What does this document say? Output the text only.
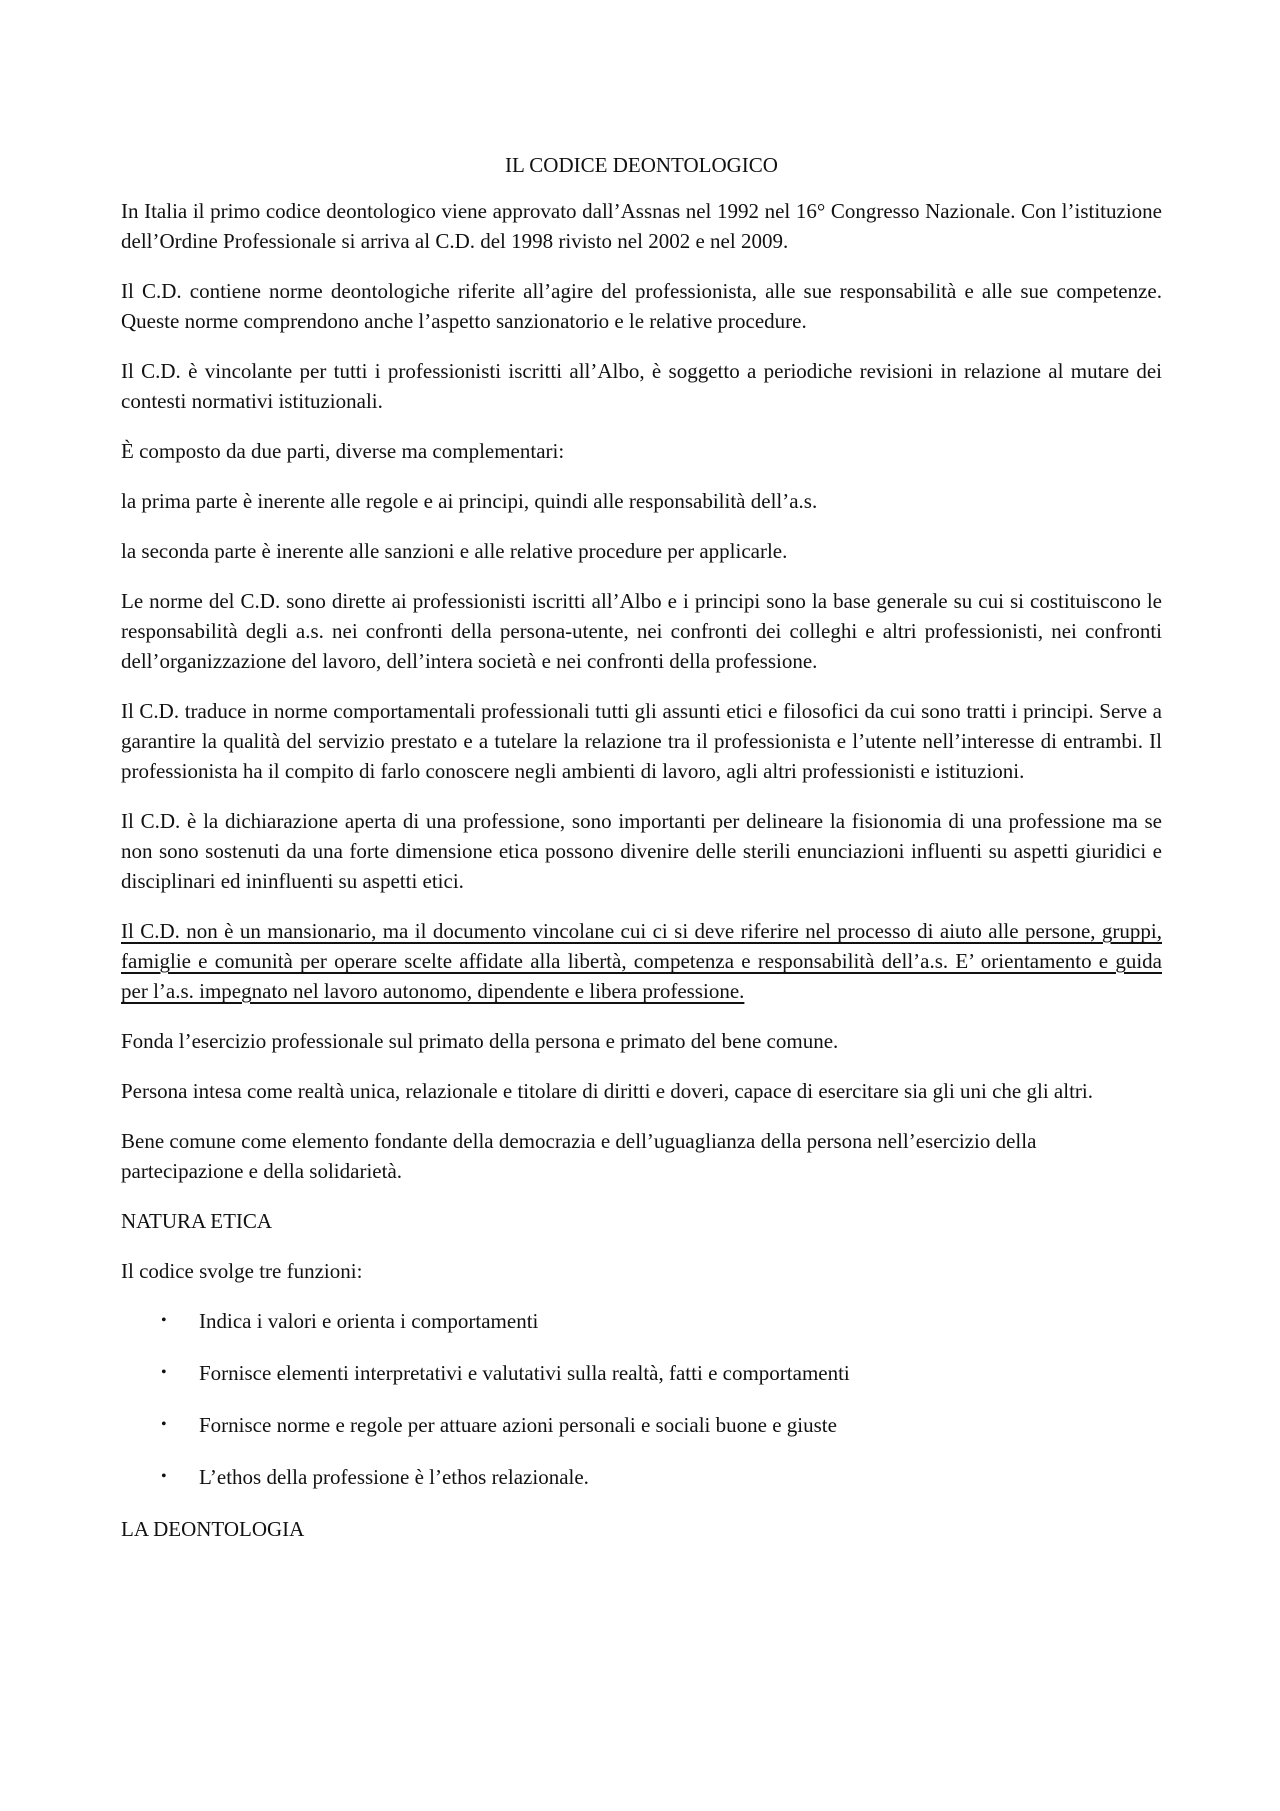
IL CODICE DEONTOLOGICO

In Italia il primo codice deontologico viene approvato dall’Assnas nel 1992 nel 16° Congresso Nazionale. Con l’istituzione dell’Ordine Professionale si arriva al C.D. del 1998 rivisto nel 2002 e nel 2009.

Il C.D. contiene norme deontologiche riferite all’agire del professionista, alle sue responsabilità e alle sue competenze. Queste norme comprendono anche l’aspetto sanzionatorio e le relative procedure.

Il C.D. è vincolante per tutti i professionisti iscritti all’Albo, è soggetto a periodiche revisioni in relazione al mutare dei contesti normativi istituzionali.

È composto da due parti, diverse ma complementari:

la prima parte è inerente alle regole e ai principi, quindi alle responsabilità dell’a.s.

la seconda parte è inerente alle sanzioni e alle relative procedure per applicarle.

Le norme del C.D. sono dirette ai professionisti iscritti all’Albo e i principi sono la base generale su cui si costituiscono le responsabilità degli a.s. nei confronti della persona-utente, nei confronti dei colleghi e altri professionisti, nei confronti dell’organizzazione del lavoro, dell’intera società e nei confronti della professione.

Il C.D. traduce in norme comportamentali professionali tutti gli assunti etici e filosofici da cui sono tratti i principi. Serve a garantire la qualità del servizio prestato e a tutelare la relazione tra il professionista e l’utente nell’interesse di entrambi. Il professionista ha il compito di farlo conoscere negli ambienti di lavoro, agli altri professionisti e istituzioni.

Il C.D. è la dichiarazione aperta di una professione, sono importanti per delineare la fisionomia di una professione ma se non sono sostenuti da una forte dimensione etica possono divenire delle sterili enunciazioni influenti su aspetti giuridici e disciplinari ed ininfluenti su aspetti etici.

Il C.D. non è un mansionario, ma il documento vincolane cui ci si deve riferire nel processo di aiuto alle persone, gruppi, famiglie e comunità per operare scelte affidate alla libertà, competenza e responsabilità dell’a.s. E’ orientamento e guida per l’a.s. impegnato nel lavoro autonomo, dipendente e libera professione.

Fonda l’esercizio professionale sul primato della persona e primato del bene comune.

Persona intesa come realtà unica, relazionale e titolare di diritti e doveri, capace di esercitare sia gli uni che gli altri.

Bene comune come elemento fondante della democrazia e dell’uguaglianza della persona nell’esercizio della partecipazione e della solidarietà.

NATURA ETICA

Il codice svolge tre funzioni:

• Indica i valori e orienta i comportamenti
• Fornisce elementi interpretativi e valutativi sulla realtà, fatti e comportamenti
• Fornisce norme e regole per attuare azioni personali e sociali buone e giuste
• L’ethos della professione è l’ethos relazionale.

LA DEONTOLOGIA
